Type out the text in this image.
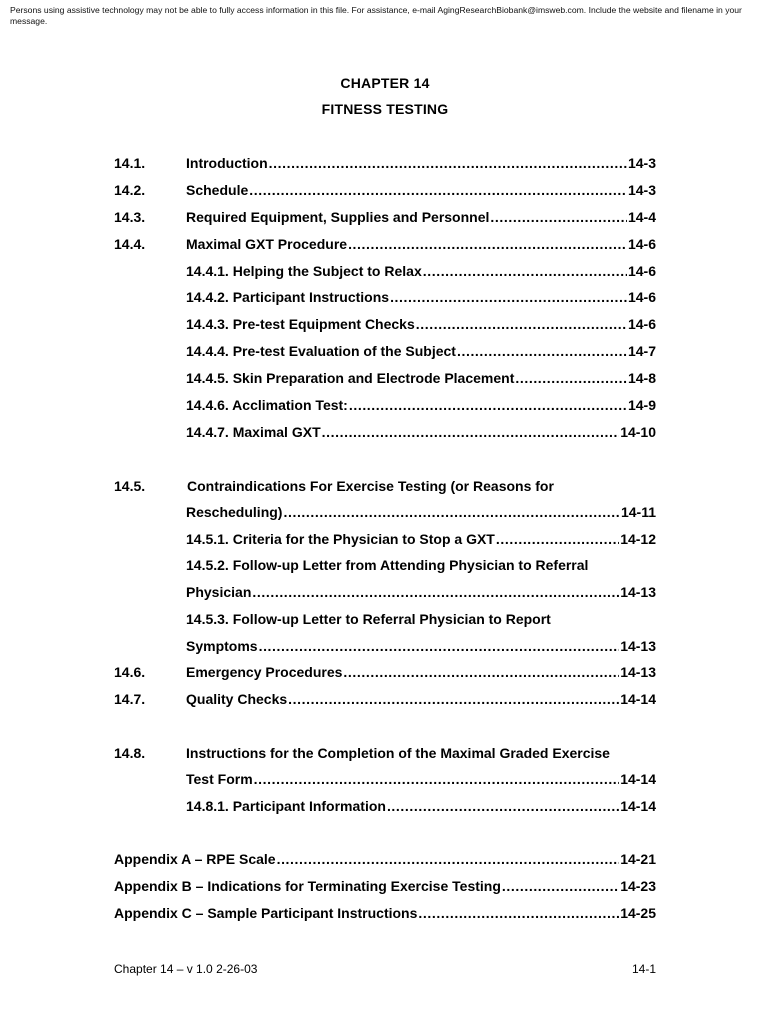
Persons using assistive technology may not be able to fully access information in this file. For assistance, e-mail AgingResearchBiobank@imsweb.com. Include the website and filename in your message.
CHAPTER 14
FITNESS TESTING
14.1.	Introduction .....	14-3
14.2.	Schedule .....	14-3
14.3.	Required Equipment, Supplies and Personnel .....	14-4
14.4.	Maximal GXT Procedure .....	14-6
14.4.1. Helping the Subject to Relax .....	14-6
14.4.2. Participant Instructions .....	14-6
14.4.3. Pre-test Equipment Checks .....	14-6
14.4.4. Pre-test Evaluation of the Subject .....	14-7
14.4.5. Skin Preparation and Electrode Placement .....	14-8
14.4.6. Acclimation Test: .....	14-9
14.4.7. Maximal GXT .....	14-10
14.5.	Contraindications For Exercise Testing (or Reasons for
Rescheduling) .....	14-11
14.5.1. Criteria for the Physician to Stop a GXT .....	14-12
14.5.2. Follow-up Letter from Attending Physician to Referral
Physician .....	14-13
14.5.3. Follow-up Letter to Referral Physician to Report
Symptoms .....	14-13
14.6.	Emergency Procedures .....	14-13
14.7.	Quality Checks .....	14-14
14.8.	Instructions for the Completion of the Maximal Graded Exercise
Test Form .....	14-14
14.8.1. Participant Information .....	14-14
Appendix A – RPE Scale .....	14-21
Appendix B – Indications for Terminating Exercise Testing .....	14-23
Appendix C – Sample Participant Instructions .....	14-25
Chapter 14 – v 1.0 2-26-03	14-1
